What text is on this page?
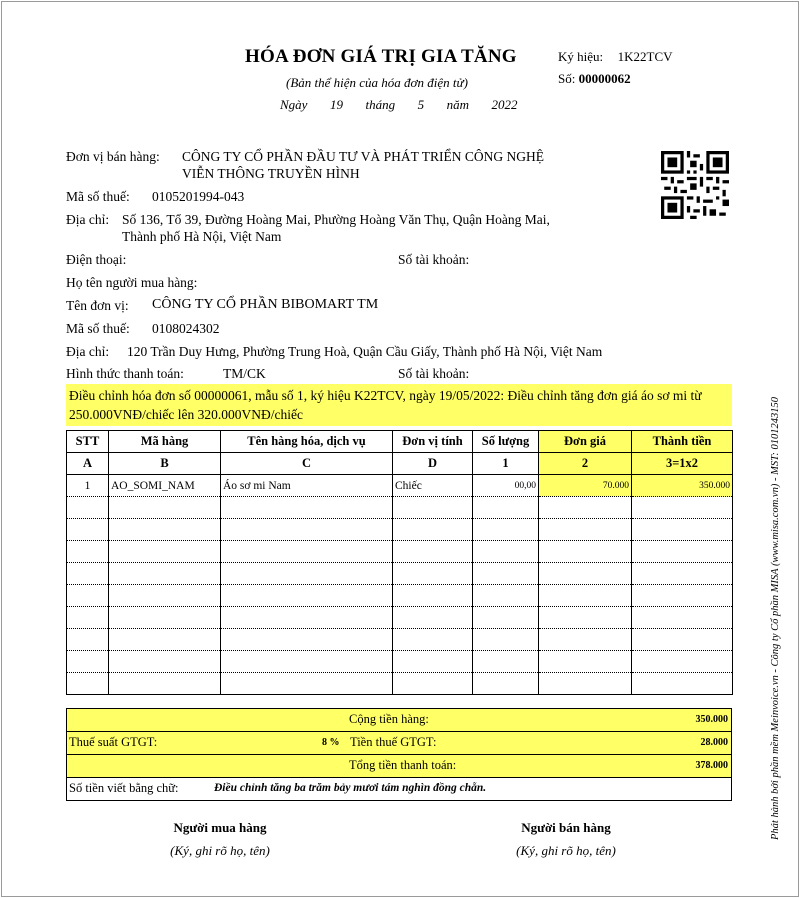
HÓA ĐƠN GIÁ TRỊ GIA TĂNG
(Bản thể hiện của hóa đơn điện tử)
Ngày 19 tháng 5 năm 2022
Ký hiệu: 1K22TCV
Số: 00000062
Đơn vị bán hàng: CÔNG TY CỔ PHẦN ĐẦU TƯ VÀ PHÁT TRIỂN CÔNG NGHỆ
VIỄN THÔNG TRUYỀN HÌNH
Mã số thuế: 0105201994-043
Địa chỉ: Số 136, Tổ 39, Đường Hoàng Mai, Phường Hoàng Văn Thụ, Quận Hoàng Mai,
Thành phố Hà Nội, Việt Nam
Điện thoại:	Số tài khoản:
Họ tên người mua hàng:
Tên đơn vị: CÔNG TY CỔ PHẦN BIBOMART TM
Mã số thuế: 0108024302
Địa chỉ: 120 Trần Duy Hưng, Phường Trung Hoà, Quận Cầu Giấy, Thành phố Hà Nội, Việt Nam
Hình thức thanh toán:	TM/CK	Số tài khoản:
Điều chỉnh hóa đơn số 00000061, mẫu số 1, ký hiệu K22TCV, ngày 19/05/2022: Điều chỉnh tăng đơn giá áo sơ mi từ 250.000VNĐ/chiếc lên 320.000VNĐ/chiếc
STT	Mã hàng	Tên hàng hóa, dịch vụ	Đơn vị tính	Số lượng	Đơn giá	Thành tiền
A	B	C	D	1	2	3=1x2
1	AO_SOMI_NAM	Áo sơ mi Nam	Chiếc	00,00	70.000	350.000

Cộng tiền hàng:	350.000
Thuế suất GTGT:	8 % Tiền thuế GTGT:	28.000
Tổng tiền thanh toán:	378.000
Số tiền viết bằng chữ:	Điều chỉnh tăng ba trăm bảy mươi tám nghìn đồng chẵn.
Người mua hàng
(Ký, ghi rõ họ, tên)
Người bán hàng
(Ký, ghi rõ họ, tên)
Phát hành bởi phần mềm Meinvoice.vn - Công ty Cổ phần MISA (www.misa.com.vn) - MST: 0101243150
